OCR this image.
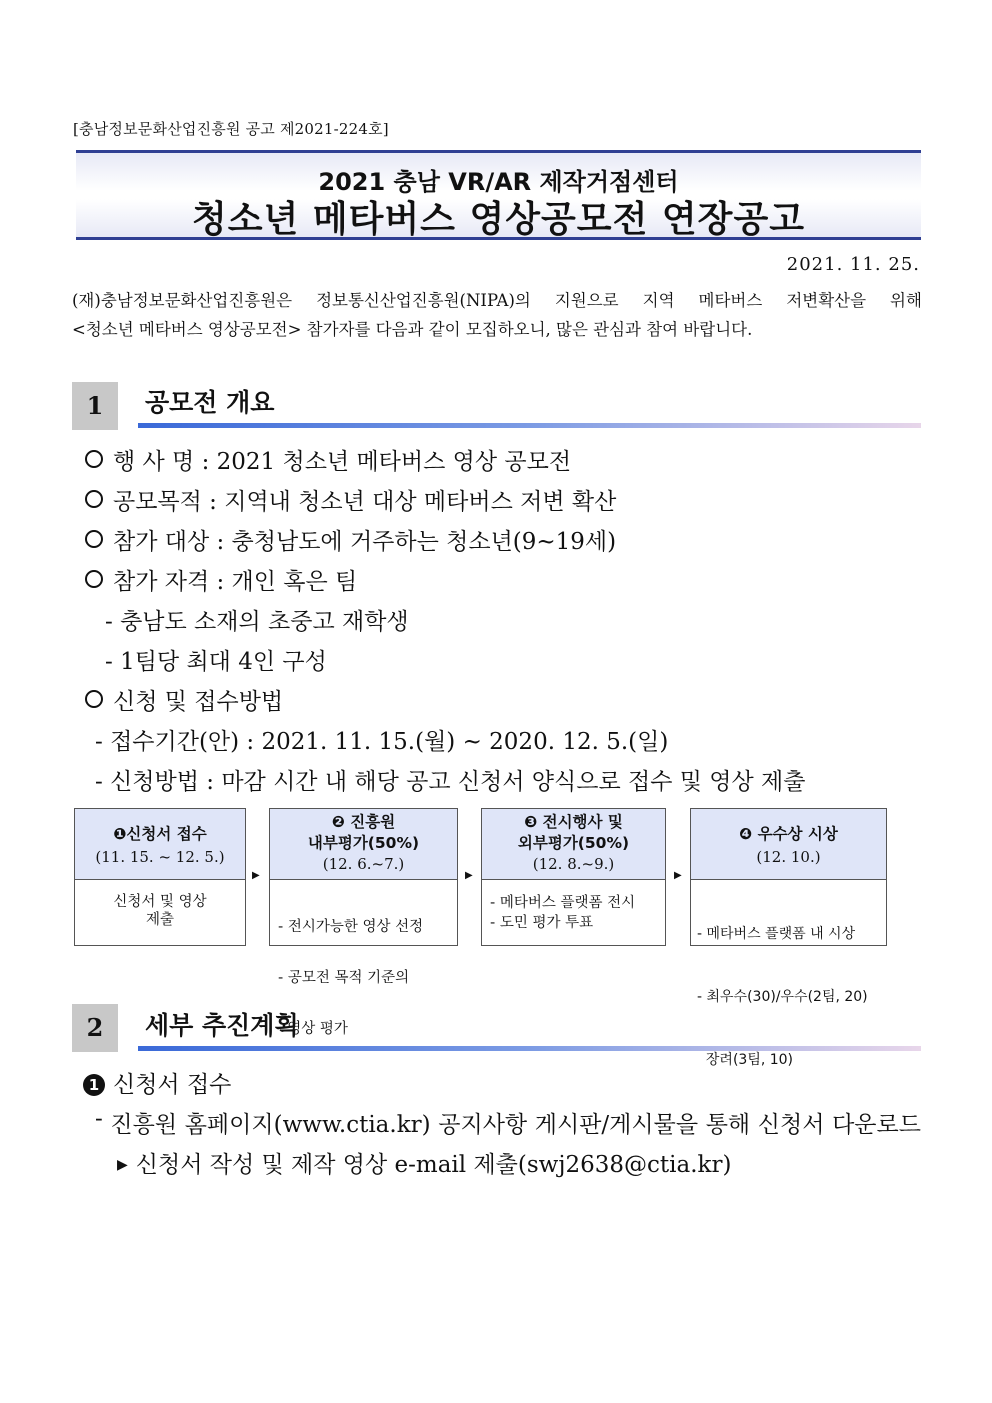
[충남정보문화산업진흥원 공고 제2021-224호]
2021 충남 VR/AR 제작거점센터
청소년 메타버스 영상공모전 연장공고
2021. 11. 25.
(재)충남정보문화산업진흥원은 정보통신산업진흥원(NIPA)의 지원으로 지역 메타버스 저변확산을 위해
<청소년 메타버스 영상공모전> 참가자를 다음과 같이 모집하오니, 많은 관심과 참여 바랍니다.
1	공모전 개요
행 사 명 : 2021 청소년 메타버스 영상 공모전
공모목적 : 지역내 청소년 대상 메타버스 저변 확산
참가 대상 : 충청남도에 거주하는 청소년(9~19세)
참가 자격 : 개인 혹은 팀
- 충남도 소재의 초중고 재학생
- 1팀당 최대 4인 구성
신청 및 접수방법
- 접수기간(안) : 2021. 11. 15.(월) ~ 2020. 12. 5.(일)
- 신청방법 : 마감 시간 내 해당 공고 신청서 양식으로 접수 및 영상 제출
❶신청서 접수
(11. 15. ~ 12. 5.)
신청서 및 영상
제출
▶
❷ 진흥원
내부평가(50%)
(12. 6.~7.)

- 전시가능한 영상 선정

- 공모전 목적 기준의

영상 평가

▶
❸ 전시행사 및
외부평가(50%)
(12. 8.~9.)
- 메타버스 플랫폼 전시
- 도민 평가 투표
▶
❹ 우수상 시상
(12. 10.)

- 메타버스 플랫폼 내 시상

- 최우수(30)/우수(2팀, 20)

장려(3팀, 10)

2	세부 추진계획
1 신청서 접수
- 진흥원 홈페이지(www.ctia.kr) 공지사항 게시판/게시물을 통해 신청서 다운로드
▶ 신청서 작성 및 제작 영상 e-mail 제출(swj2638@ctia.kr)
